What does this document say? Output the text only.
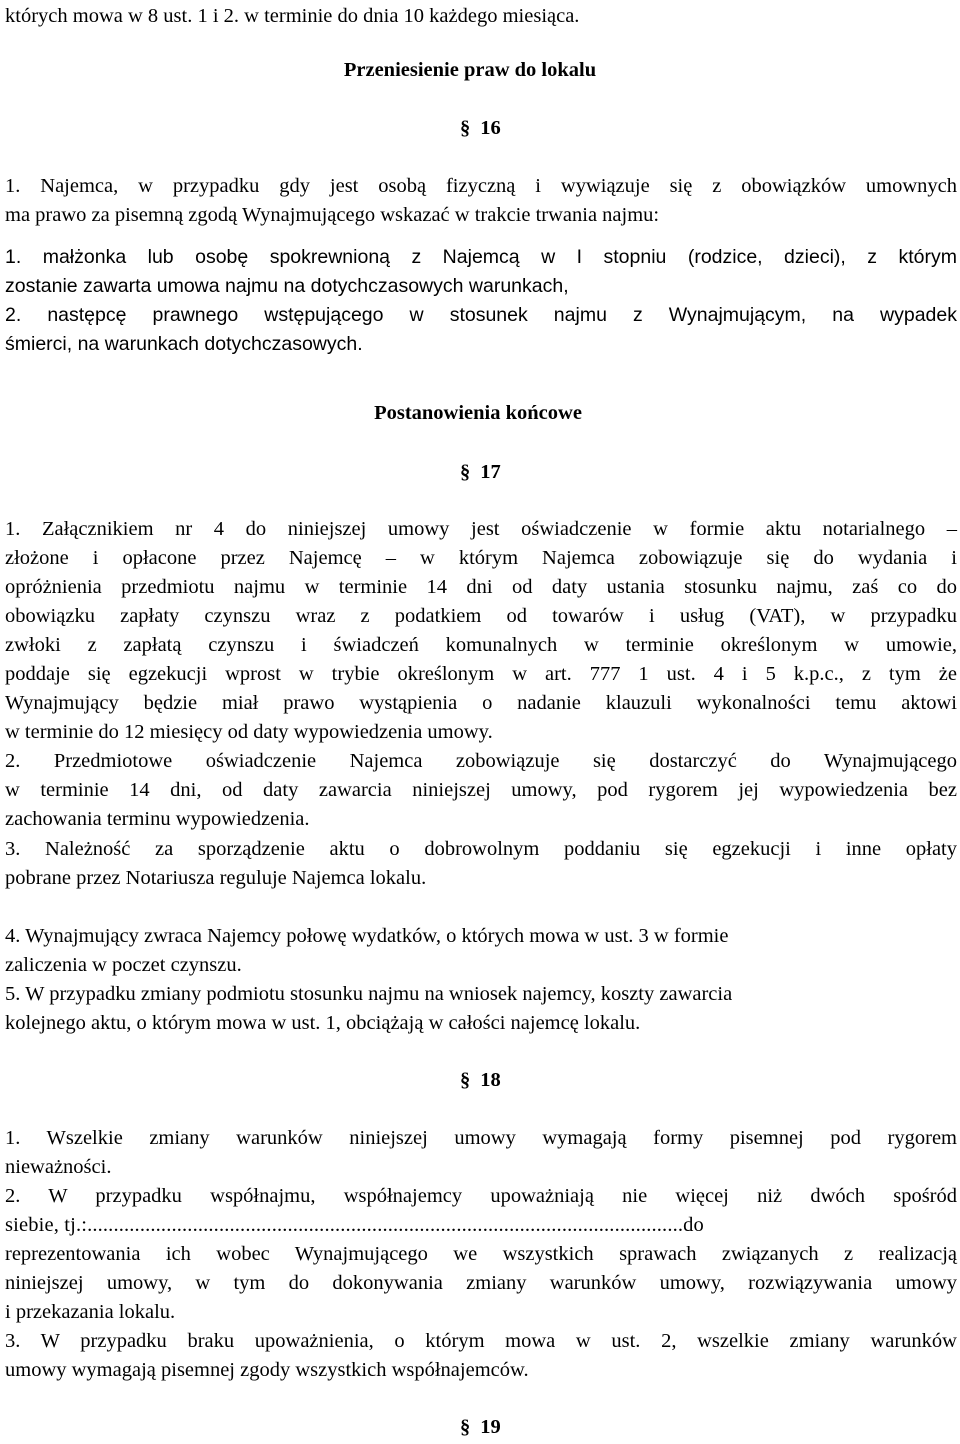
których mowa w 8 ust. 1 i 2. w terminie do dnia 10 każdego miesiąca.
Przeniesienie praw do lokalu
§ 16
1. Najemca, w przypadku gdy jest osobą fizyczną i wywiązuje się z obowiązków umownych
ma prawo za pisemną zgodą Wynajmującego wskazać w trakcie trwania najmu:
1. małżonka lub osobę spokrewnioną z Najemcą w I stopniu (rodzice, dzieci), z którym
zostanie zawarta umowa najmu na dotychczasowych warunkach,
2. następcę prawnego wstępującego w stosunek najmu z Wynajmującym, na wypadek
śmierci, na warunkach dotychczasowych.
Postanowienia końcowe
§ 17
1. Załącznikiem nr 4 do niniejszej umowy jest oświadczenie w formie aktu notarialnego –
złożone i opłacone przez Najemcę – w którym Najemca zobowiązuje się do wydania i
opróżnienia przedmiotu najmu w terminie 14 dni od daty ustania stosunku najmu, zaś co do
obowiązku zapłaty czynszu wraz z podatkiem od towarów i usług (VAT), w przypadku
zwłoki z zapłatą czynszu i świadczeń komunalnych w terminie określonym w umowie,
poddaje się egzekucji wprost w trybie określonym w art. 777 1 ust. 4 i 5 k.p.c., z tym że
Wynajmujący będzie miał prawo wystąpienia o nadanie klauzuli wykonalności temu aktowi
w terminie do 12 miesięcy od daty wypowiedzenia umowy.
2. Przedmiotowe oświadczenie Najemca zobowiązuje się dostarczyć do Wynajmującego
w terminie 14 dni, od daty zawarcia niniejszej umowy, pod rygorem jej wypowiedzenia bez
zachowania terminu wypowiedzenia.
3. Należność za sporządzenie aktu o dobrowolnym poddaniu się egzekucji i inne opłaty
pobrane przez Notariusza reguluje Najemca lokalu.
4. Wynajmujący zwraca Najemcy połowę wydatków, o których mowa w ust. 3 w formie
zaliczenia w poczet czynszu.
5. W przypadku zmiany podmiotu stosunku najmu na wniosek najemcy, koszty zawarcia
kolejnego aktu, o którym mowa w ust. 1, obciążają w całości najemcę lokalu.
§ 18
1. Wszelkie zmiany warunków niniejszej umowy wymagają formy pisemnej pod rygorem
nieważności.
2. W przypadku współnajmu, współnajemcy upoważniają nie więcej niż dwóch spośród
siebie, tj.:.................................................................................................................do
reprezentowania ich wobec Wynajmującego we wszystkich sprawach związanych z realizacją
niniejszej umowy, w tym do dokonywania zmiany warunków umowy, rozwiązywania umowy
i przekazania lokalu.
3. W przypadku braku upoważnienia, o którym mowa w ust. 2, wszelkie zmiany warunków
umowy wymagają pisemnej zgody wszystkich współnajemców.
§ 19
